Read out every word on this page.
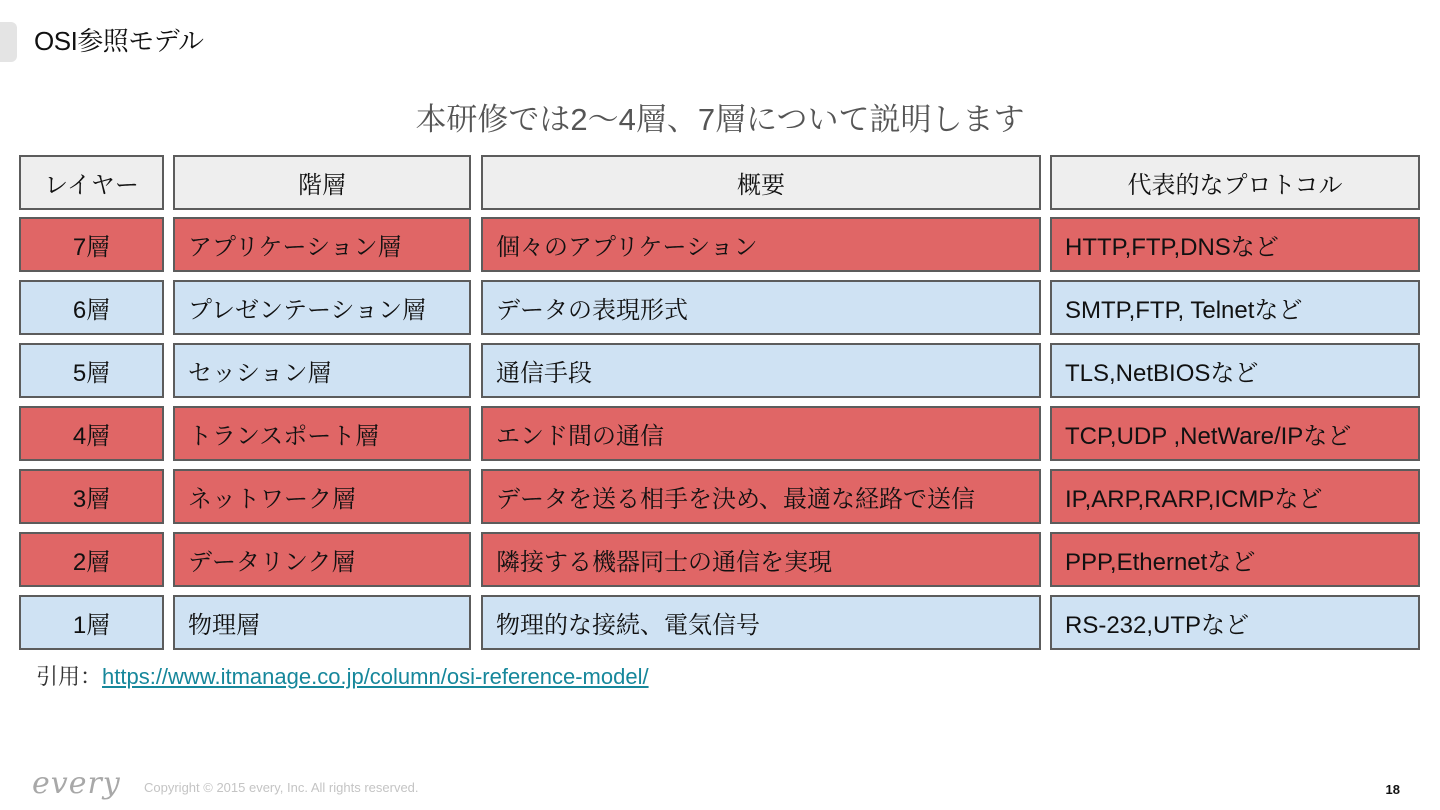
OSI参照モデル
本研修では2～4層、7層について説明します
レイヤー	階層	概要	代表的なプロトコル
7層	アプリケーション層	個々のアプリケーション	HTTP,FTP,DNSなど
6層	プレゼンテーション層	データの表現形式	SMTP,FTP, Telnetなど
5層	セッション層	通信手段	TLS,NetBIOSなど
4層	トランスポート層	エンド間の通信	TCP,UDP ,NetWare/IPなど
3層	ネットワーク層	データを送る相手を決め、最適な経路で送信	IP,ARP,RARP,ICMPなど
2層	データリンク層	隣接する機器同士の通信を実現	PPP,Ethernetなど
1層	物理層	物理的な接続、電気信号	RS-232,UTPなど
引用：https://www.itmanage.co.jp/column/osi-reference-model/
every Copyright © 2015 every, Inc. All rights reserved.	18
